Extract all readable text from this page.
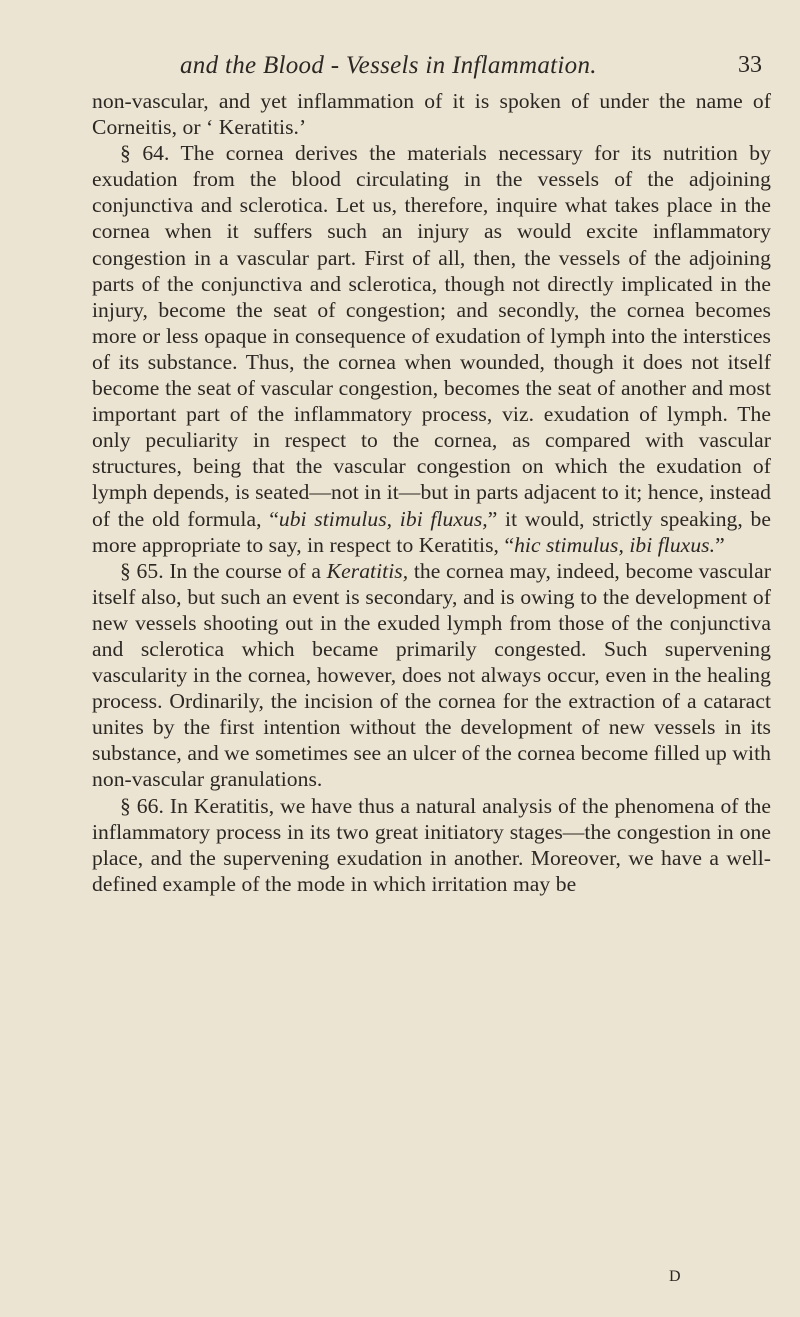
and the Blood - Vessels in Inflammation.	33

non-vascular, and yet inflammation of it is spoken of under the name of Corneitis, or ‘ Keratitis.’

§ 64. The cornea derives the materials necessary for its nutrition by exudation from the blood circulating in the vessels of the adjoining conjunctiva and sclerotica. Let us, therefore, inquire what takes place in the cornea when it suffers such an injury as would excite inflammatory congestion in a vascular part. First of all, then, the vessels of the adjoining parts of the conjunctiva and sclerotica, though not directly implicated in the injury, become the seat of congestion; and secondly, the cornea becomes more or less opaque in consequence of exudation of lymph into the interstices of its substance. Thus, the cornea when wounded, though it does not itself become the seat of vascular congestion, becomes the seat of another and most important part of the inflammatory process, viz. exudation of lymph. The only peculiarity in respect to the cornea, as compared with vascular structures, being that the vascular congestion on which the exudation of lymph depends, is seated—not in it—but in parts adjacent to it; hence, instead of the old formula, “ubi stimulus, ibi fluxus,” it would, strictly speaking, be more appropriate to say, in respect to Keratitis, “hic stimulus, ibi fluxus.”

§ 65. In the course of a Keratitis, the cornea may, indeed, become vascular itself also, but such an event is secondary, and is owing to the development of new vessels shooting out in the exuded lymph from those of the conjunctiva and sclerotica which became primarily congested. Such supervening vascularity in the cornea, however, does not always occur, even in the healing process. Ordinarily, the incision of the cornea for the extraction of a cataract unites by the first intention without the development of new vessels in its substance, and we sometimes see an ulcer of the cornea become filled up with non-vascular granulations.

§ 66. In Keratitis, we have thus a natural analysis of the phenomena of the inflammatory process in its two great initiatory stages—the congestion in one place, and the supervening exudation in another. Moreover, we have a well-defined example of the mode in which irritation may be

D
